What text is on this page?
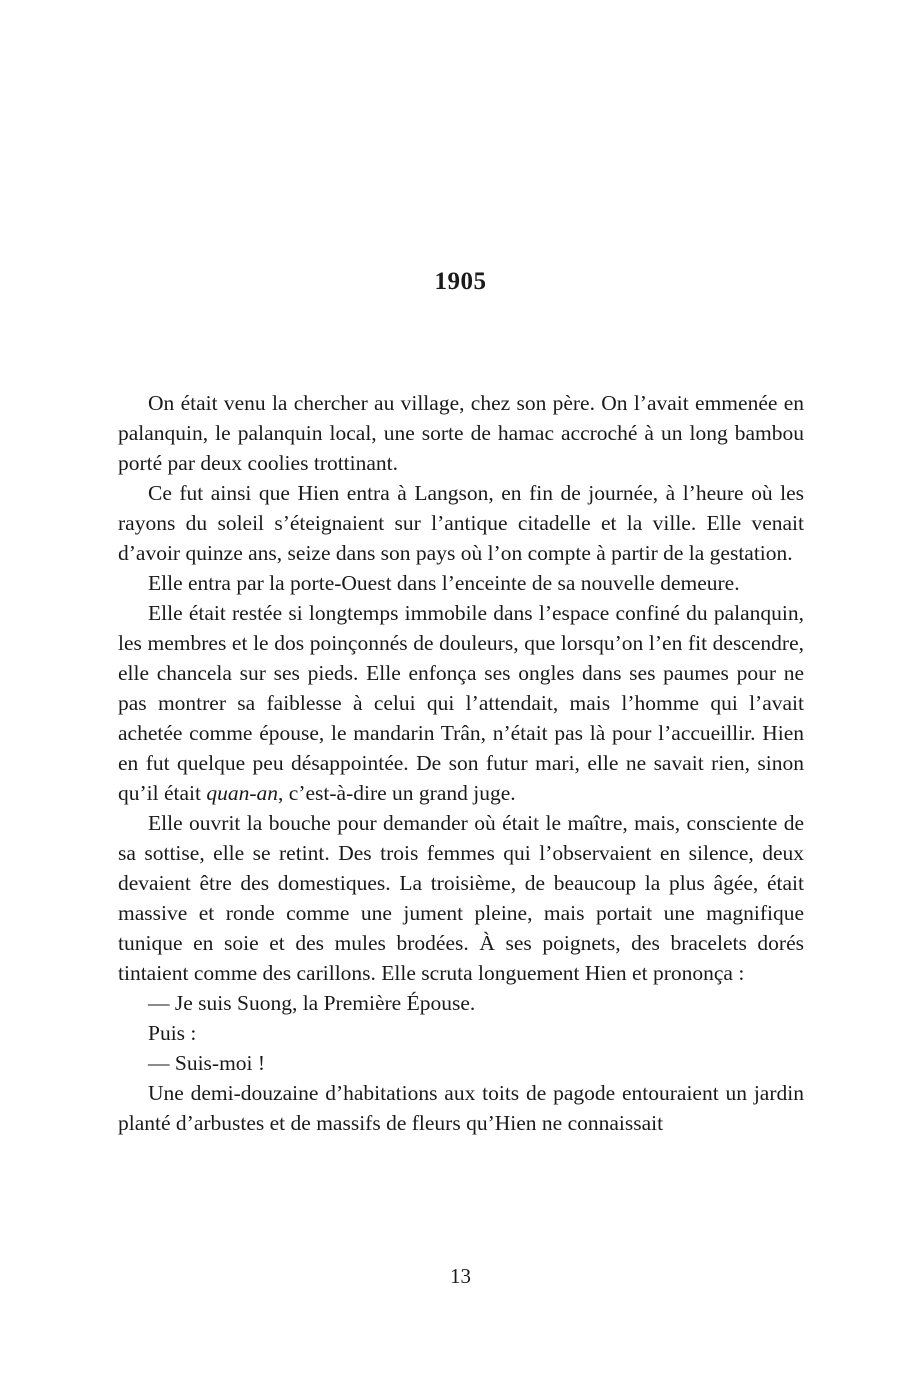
1905

On était venu la chercher au village, chez son père. On l’avait emmenée en palanquin, le palanquin local, une sorte de hamac accroché à un long bambou porté par deux coolies trottinant.

Ce fut ainsi que Hien entra à Langson, en fin de journée, à l’heure où les rayons du soleil s’éteignaient sur l’antique citadelle et la ville. Elle venait d’avoir quinze ans, seize dans son pays où l’on compte à partir de la gestation.

Elle entra par la porte-Ouest dans l’enceinte de sa nouvelle demeure.

Elle était restée si longtemps immobile dans l’espace confiné du palanquin, les membres et le dos poinçonnés de douleurs, que lorsqu’on l’en fit descendre, elle chancela sur ses pieds. Elle enfonça ses ongles dans ses paumes pour ne pas montrer sa faiblesse à celui qui l’attendait, mais l’homme qui l’avait achetée comme épouse, le mandarin Trân, n’était pas là pour l’accueillir. Hien en fut quelque peu désappointée. De son futur mari, elle ne savait rien, sinon qu’il était quan-an, c’est-à-dire un grand juge.

Elle ouvrit la bouche pour demander où était le maître, mais, consciente de sa sottise, elle se retint. Des trois femmes qui l’observaient en silence, deux devaient être des domestiques. La troisième, de beaucoup la plus âgée, était massive et ronde comme une jument pleine, mais portait une magnifique tunique en soie et des mules brodées. À ses poignets, des bracelets dorés tintaient comme des carillons. Elle scruta longuement Hien et prononça :

— Je suis Suong, la Première Épouse.

Puis :

— Suis-moi !

Une demi-douzaine d’habitations aux toits de pagode entouraient un jardin planté d’arbustes et de massifs de fleurs qu’Hien ne connaissait

13
